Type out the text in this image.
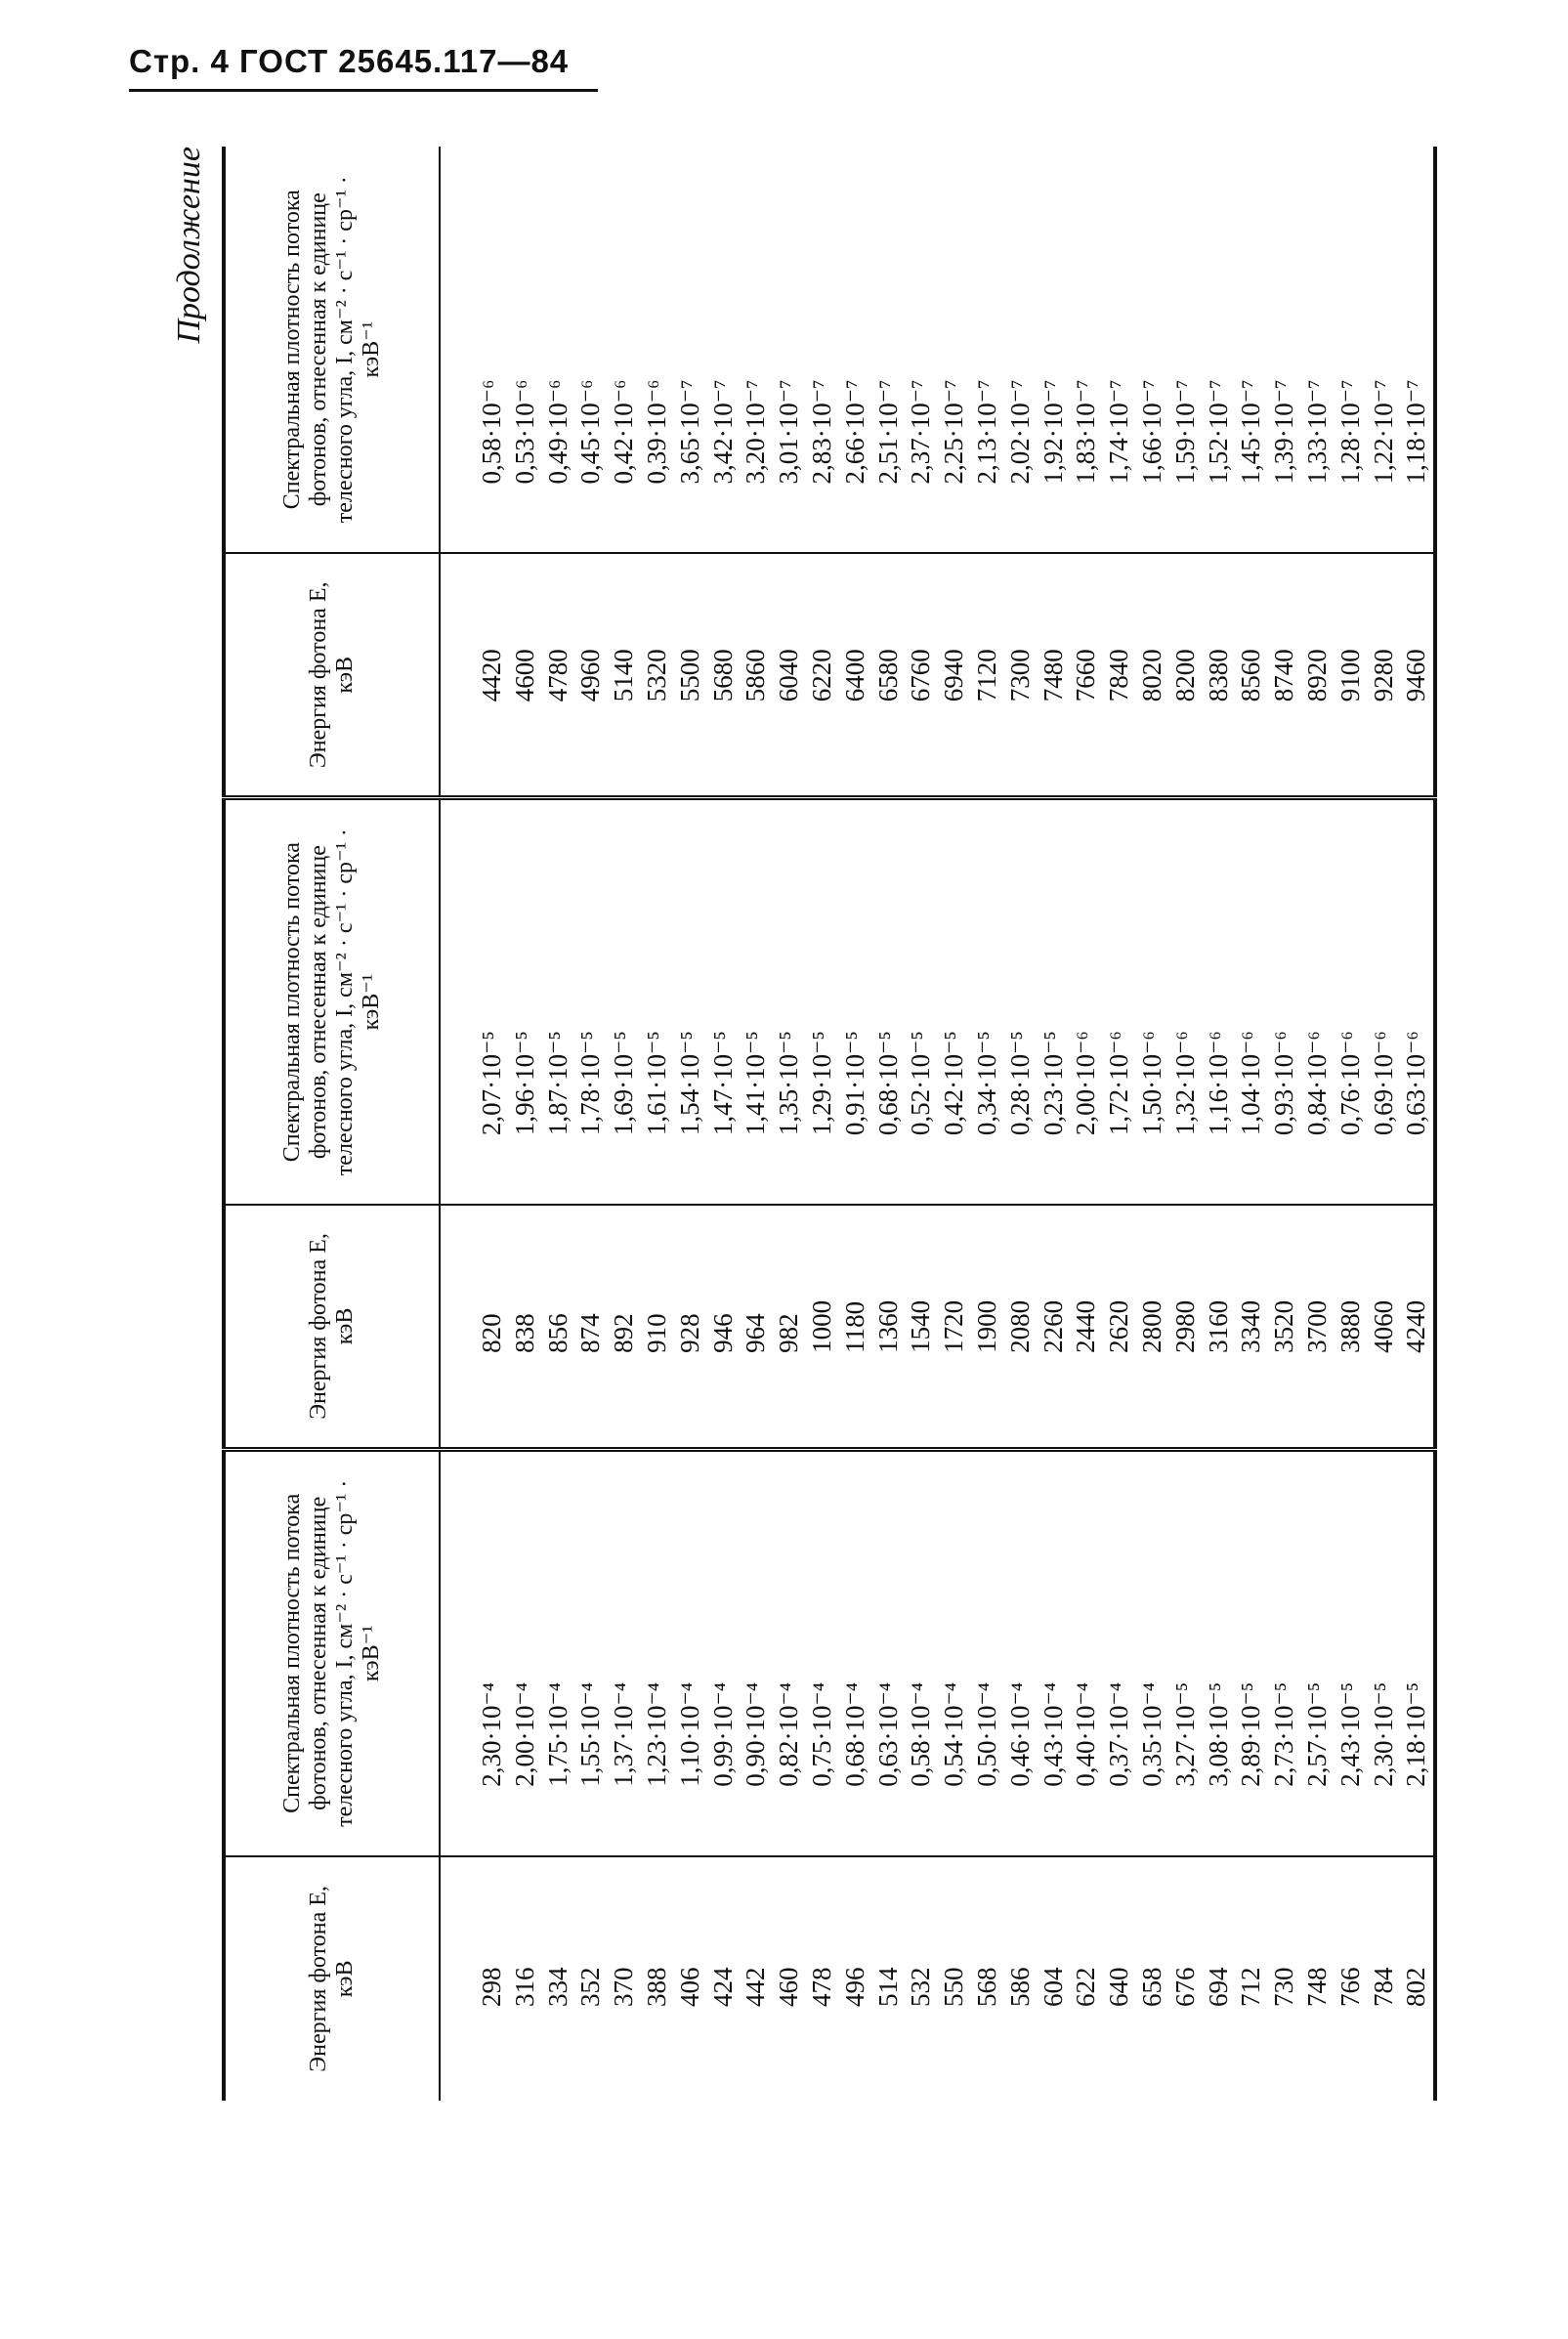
Стр. 4 ГОСТ 25645.117—84
Продолжение
Энергия фотона E, кэВ	Спектральная плотность потока фотонов, отнесенная к единице телесного угла, I, см⁻² · с⁻¹ · ср⁻¹ · кэВ⁻¹	Энергия фотона E, кэВ	Спектральная плотность потока фотонов, отнесенная к единице телесного угла, I, см⁻² · с⁻¹ · ср⁻¹ · кэВ⁻¹	Энергия фотона E, кэВ	Спектральная плотность потока фотонов, отнесенная к единице телесного угла, I, см⁻² · с⁻¹ · ср⁻¹ · кэВ⁻¹
298	2,30·10⁻⁴	820	2,07·10⁻⁵	4420	0,58·10⁻⁶
316	2,00·10⁻⁴	838	1,96·10⁻⁵	4600	0,53·10⁻⁶
334	1,75·10⁻⁴	856	1,87·10⁻⁵	4780	0,49·10⁻⁶
352	1,55·10⁻⁴	874	1,78·10⁻⁵	4960	0,45·10⁻⁶
370	1,37·10⁻⁴	892	1,69·10⁻⁵	5140	0,42·10⁻⁶
388	1,23·10⁻⁴	910	1,61·10⁻⁵	5320	0,39·10⁻⁶
406	1,10·10⁻⁴	928	1,54·10⁻⁵	5500	3,65·10⁻⁷
424	0,99·10⁻⁴	946	1,47·10⁻⁵	5680	3,42·10⁻⁷
442	0,90·10⁻⁴	964	1,41·10⁻⁵	5860	3,20·10⁻⁷
460	0,82·10⁻⁴	982	1,35·10⁻⁵	6040	3,01·10⁻⁷
478	0,75·10⁻⁴	1000	1,29·10⁻⁵	6220	2,83·10⁻⁷
496	0,68·10⁻⁴	1180	0,91·10⁻⁵	6400	2,66·10⁻⁷
514	0,63·10⁻⁴	1360	0,68·10⁻⁵	6580	2,51·10⁻⁷
532	0,58·10⁻⁴	1540	0,52·10⁻⁵	6760	2,37·10⁻⁷
550	0,54·10⁻⁴	1720	0,42·10⁻⁵	6940	2,25·10⁻⁷
568	0,50·10⁻⁴	1900	0,34·10⁻⁵	7120	2,13·10⁻⁷
586	0,46·10⁻⁴	2080	0,28·10⁻⁵	7300	2,02·10⁻⁷
604	0,43·10⁻⁴	2260	0,23·10⁻⁵	7480	1,92·10⁻⁷
622	0,40·10⁻⁴	2440	2,00·10⁻⁶	7660	1,83·10⁻⁷
640	0,37·10⁻⁴	2620	1,72·10⁻⁶	7840	1,74·10⁻⁷
658	0,35·10⁻⁴	2800	1,50·10⁻⁶	8020	1,66·10⁻⁷
676	3,27·10⁻⁵	2980	1,32·10⁻⁶	8200	1,59·10⁻⁷
694	3,08·10⁻⁵	3160	1,16·10⁻⁶	8380	1,52·10⁻⁷
712	2,89·10⁻⁵	3340	1,04·10⁻⁶	8560	1,45·10⁻⁷
730	2,73·10⁻⁵	3520	0,93·10⁻⁶	8740	1,39·10⁻⁷
748	2,57·10⁻⁵	3700	0,84·10⁻⁶	8920	1,33·10⁻⁷
766	2,43·10⁻⁵	3880	0,76·10⁻⁶	9100	1,28·10⁻⁷
784	2,30·10⁻⁵	4060	0,69·10⁻⁶	9280	1,22·10⁻⁷
802	2,18·10⁻⁵	4240	0,63·10⁻⁶	9460	1,18·10⁻⁷
